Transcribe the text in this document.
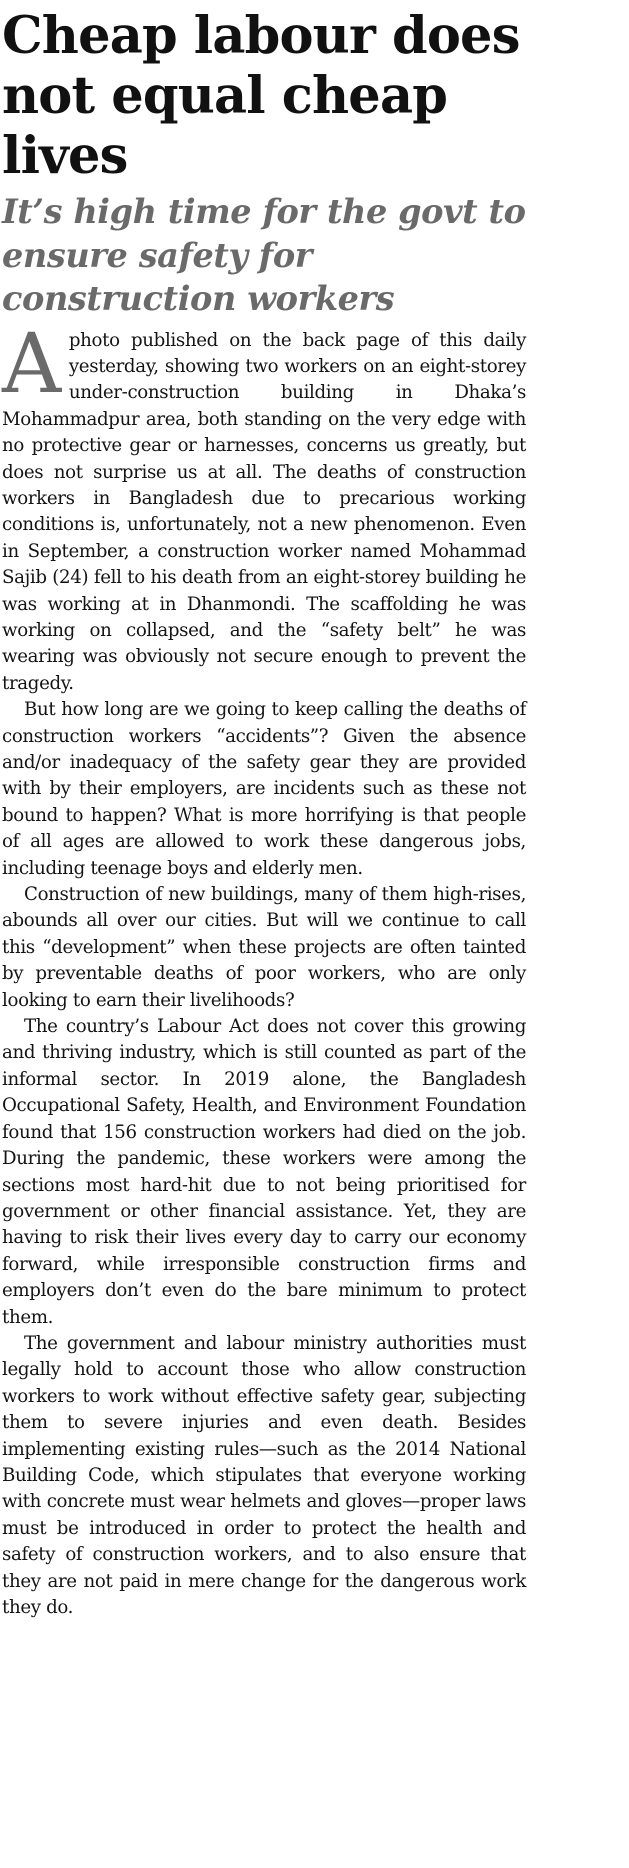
Cheap labour does not equal cheap lives
It’s high time for the govt to ensure safety for construction workers

A photo published on the back page of this daily yesterday, showing two workers on an eight-storey under-construction building in Dhaka’s Mohammadpur area, both standing on the very edge with no protective gear or harnesses, concerns us greatly, but does not surprise us at all. The deaths of construction workers in Bangladesh due to precarious working conditions is, unfortunately, not a new phenomenon. Even in September, a construction worker named Mohammad Sajib (24) fell to his death from an eight-storey building he was working at in Dhanmondi. The scaffolding he was working on collapsed, and the “safety belt” he was wearing was obviously not secure enough to prevent the tragedy.

But how long are we going to keep calling the deaths of construction workers “accidents”? Given the absence and/or inadequacy of the safety gear they are provided with by their employers, are incidents such as these not bound to happen? What is more horrifying is that people of all ages are allowed to work these dangerous jobs, including teenage boys and elderly men.

Construction of new buildings, many of them high-rises, abounds all over our cities. But will we continue to call this “development” when these projects are often tainted by preventable deaths of poor workers, who are only looking to earn their livelihoods?

The country’s Labour Act does not cover this growing and thriving industry, which is still counted as part of the informal sector. In 2019 alone, the Bangladesh Occupational Safety, Health, and Environment Foundation found that 156 construction workers had died on the job. During the pandemic, these workers were among the sections most hard-hit due to not being prioritised for government or other financial assistance. Yet, they are having to risk their lives every day to carry our economy forward, while irresponsible construction firms and employers don’t even do the bare minimum to protect them.

The government and labour ministry authorities must legally hold to account those who allow construction workers to work without effective safety gear, subjecting them to severe injuries and even death. Besides implementing existing rules—such as the 2014 National Building Code, which stipulates that everyone working with concrete must wear helmets and gloves—proper laws must be introduced in order to protect the health and safety of construction workers, and to also ensure that they are not paid in mere change for the dangerous work they do.
